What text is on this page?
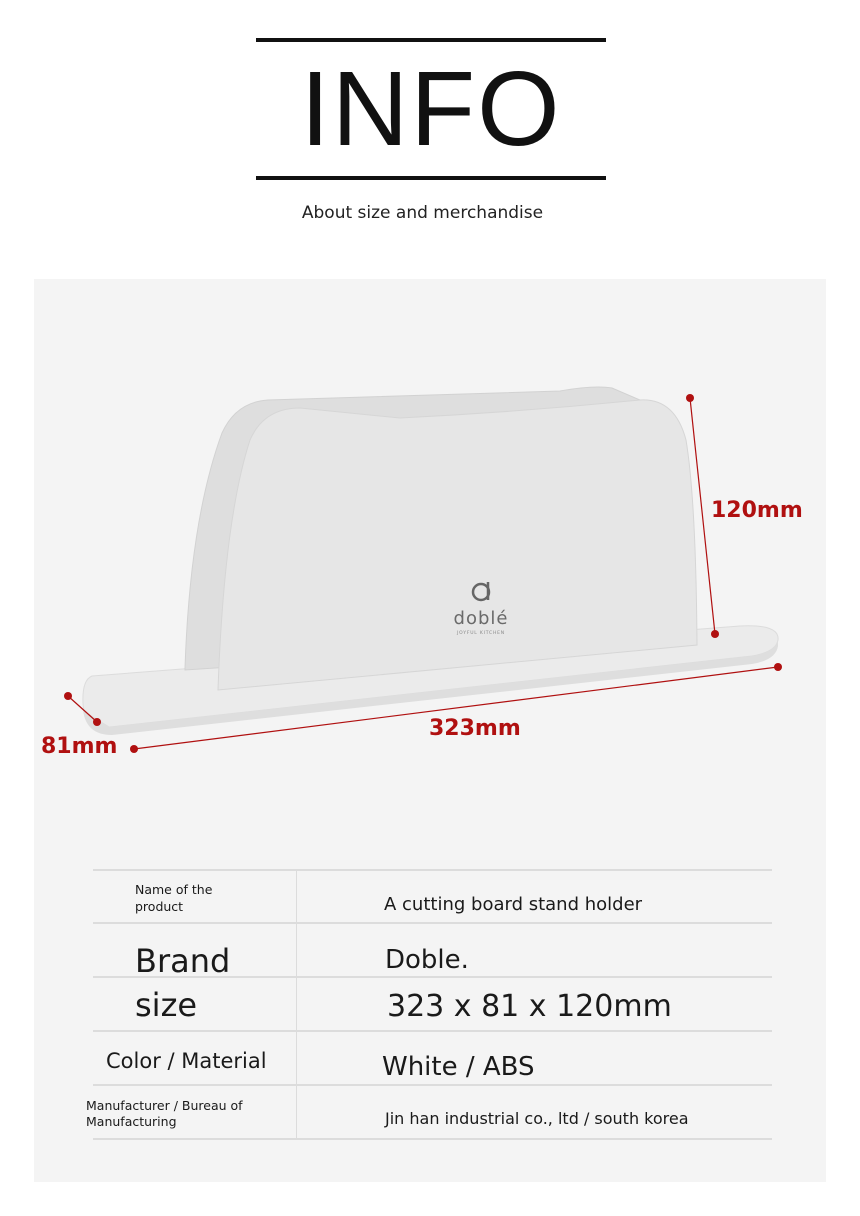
INFO
About size and merchandise
doblé
JOYFUL KITCHEN
120mm
323mm
81mm
Name of the product	A cutting board stand holder
Brand	Doble.
size	323 x 81 x 120mm
Color / Material	White / ABS
Manufacturer / Bureau of Manufacturing	Jin han industrial co., ltd / south korea
